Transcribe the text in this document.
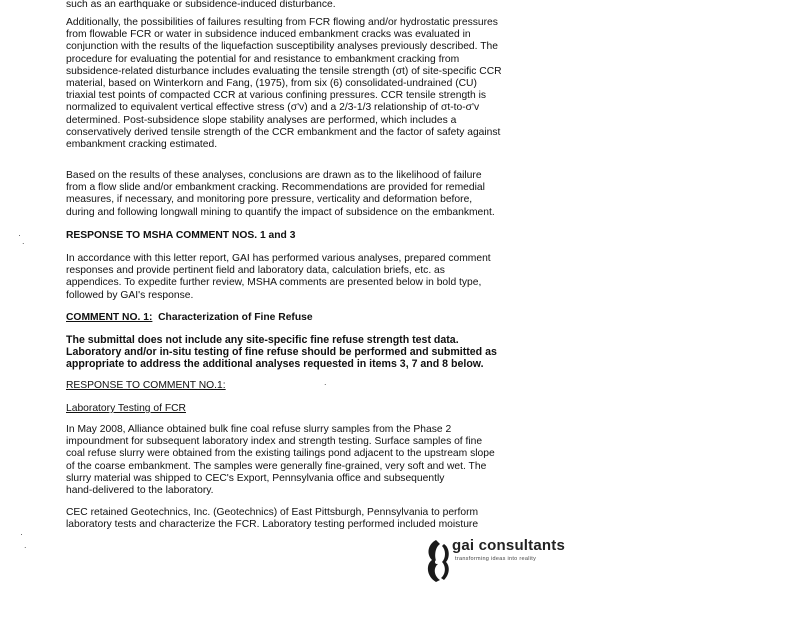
such as an earthquake or subsidence-induced disturbance.

Additionally, the possibilities of failures resulting from FCR flowing and/or hydrostatic pressures
from flowable FCR or water in subsidence induced embankment cracks was evaluated in
conjunction with the results of the liquefaction susceptibility analyses previously described. The
procedure for evaluating the potential for and resistance to embankment cracking from
subsidence-related disturbance includes evaluating the tensile strength (σt) of site-specific CCR
material, based on Winterkorn and Fang, (1975), from six (6) consolidated-undrained (CU)
triaxial test points of compacted CCR at various confining pressures. CCR tensile strength is
normalized to equivalent vertical effective stress (σ'v) and a 2/3-1/3 relationship of σt-to-σ'v
determined. Post-subsidence slope stability analyses are performed, which includes a
conservatively derived tensile strength of the CCR embankment and the factor of safety against
embankment cracking estimated.

Based on the results of these analyses, conclusions are drawn as to the likelihood of failure
from a flow slide and/or embankment cracking. Recommendations are provided for remedial
measures, if necessary, and monitoring pore pressure, verticality and deformation before,
during and following longwall mining to quantify the impact of subsidence on the embankment.

RESPONSE TO MSHA COMMENT NOS. 1 and 3

In accordance with this letter report, GAI has performed various analyses, prepared comment
responses and provide pertinent field and laboratory data, calculation briefs, etc. as
appendices. To expedite further review, MSHA comments are presented below in bold type,
followed by GAI's response.

COMMENT NO. 1: Characterization of Fine Refuse

The submittal does not include any site-specific fine refuse strength test data.
Laboratory and/or in-situ testing of fine refuse should be performed and submitted as
appropriate to address the additional analyses requested in items 3, 7 and 8 below.

RESPONSE TO COMMENT NO.1:

Laboratory Testing of FCR

In May 2008, Alliance obtained bulk fine coal refuse slurry samples from the Phase 2
impoundment for subsequent laboratory index and strength testing. Surface samples of fine
coal refuse slurry were obtained from the existing tailings pond adjacent to the upstream slope
of the coarse embankment. The samples were generally fine-grained, very soft and wet. The
slurry material was shipped to CEC's Export, Pennsylvania office and subsequently
hand-delivered to the laboratory.

CEC retained Geotechnics, Inc. (Geotechnics) of East Pittsburgh, Pennsylvania to perform
laboratory tests and characterize the FCR. Laboratory testing performed included moisture

·
.
·
.
.
gai consultants
transforming ideas into reality
